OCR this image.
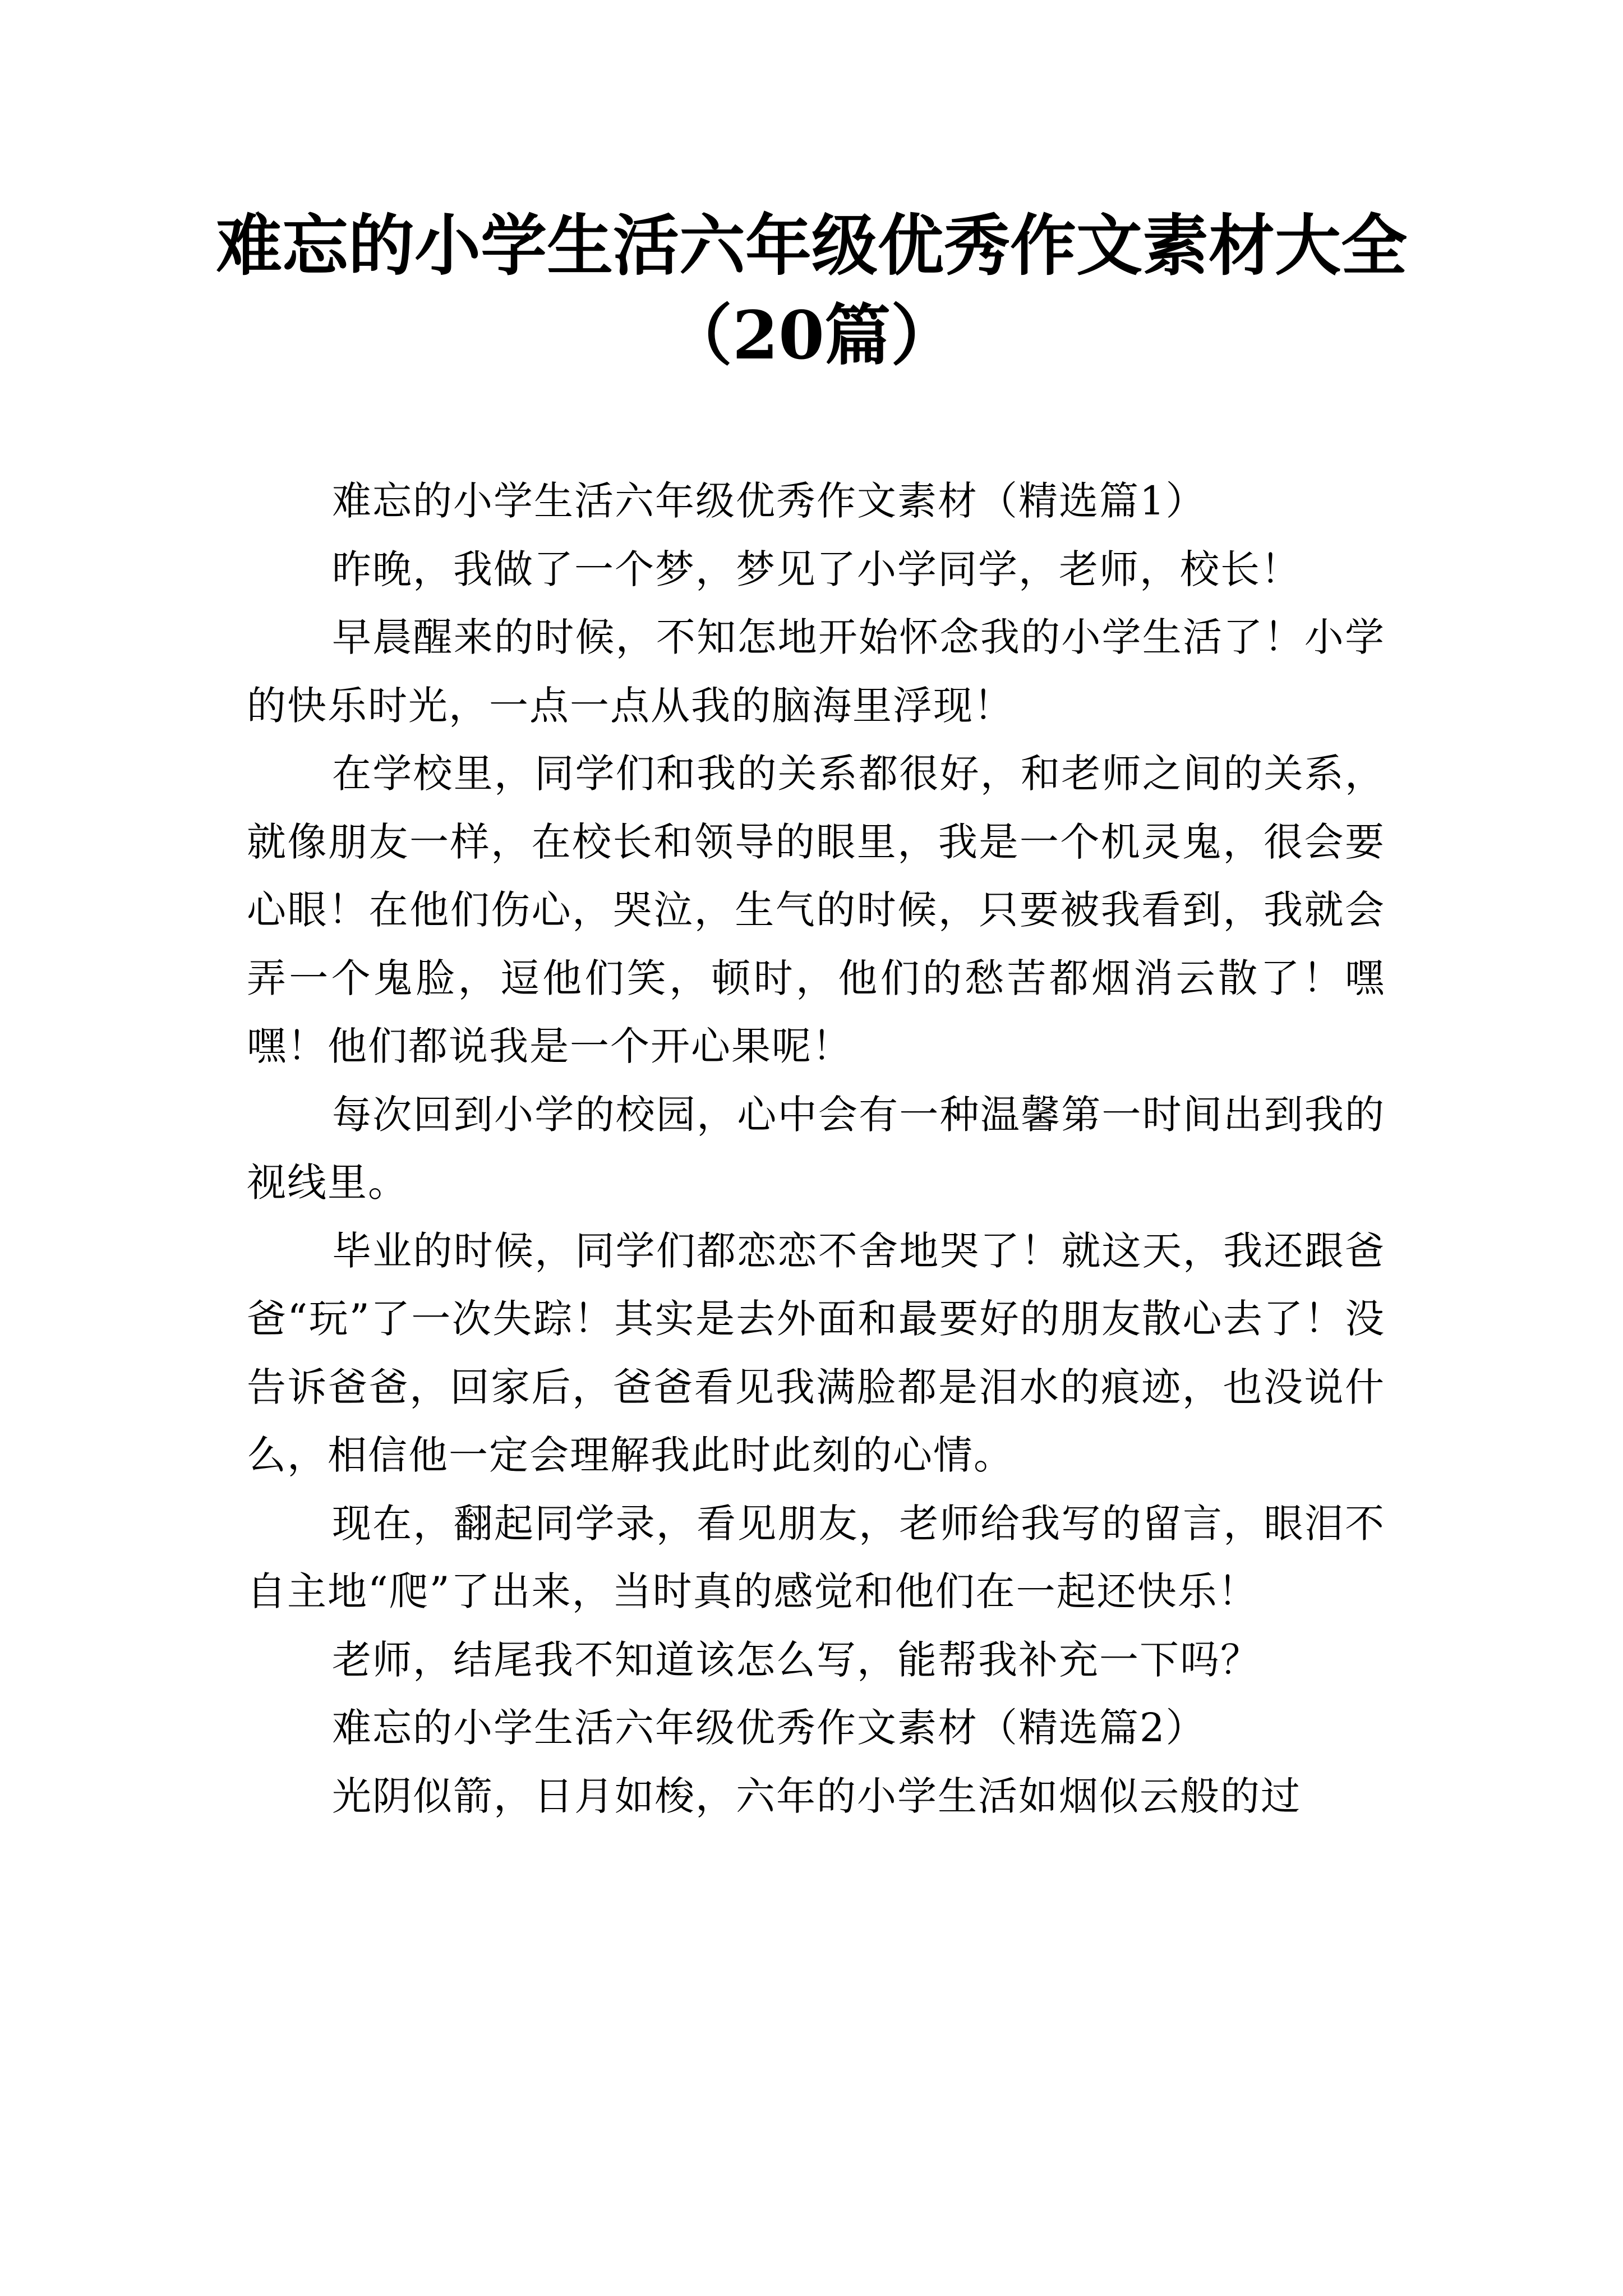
难忘的小学生活六年级优秀作文素材大全
（20篇）

难忘的小学生活六年级优秀作文素材（精选篇1）

昨晚，我做了一个梦，梦见了小学同学，老师，校长！

早晨醒来的时候，不知怎地开始怀念我的小学生活了！小学的快乐时光，一点一点从我的脑海里浮现！

在学校里，同学们和我的关系都很好，和老师之间的关系，就像朋友一样，在校长和领导的眼里，我是一个机灵鬼，很会要心眼！在他们伤心，哭泣，生气的时候，只要被我看到，我就会弄一个鬼脸，逗他们笑，顿时，他们的愁苦都烟消云散了！嘿嘿！他们都说我是一个开心果呢！

每次回到小学的校园，心中会有一种温馨第一时间出到我的视线里。

毕业的时候，同学们都恋恋不舍地哭了！就这天，我还跟爸爸“玩”了一次失踪！其实是去外面和最要好的朋友散心去了！没告诉爸爸，回家后，爸爸看见我满脸都是泪水的痕迹，也没说什么，相信他一定会理解我此时此刻的心情。

现在，翻起同学录，看见朋友，老师给我写的留言，眼泪不自主地“爬”了出来，当时真的感觉和他们在一起还快乐！

老师，结尾我不知道该怎么写，能帮我补充一下吗？

难忘的小学生活六年级优秀作文素材（精选篇2）

光阴似箭，日月如梭，六年的小学生活如烟似云般的过
